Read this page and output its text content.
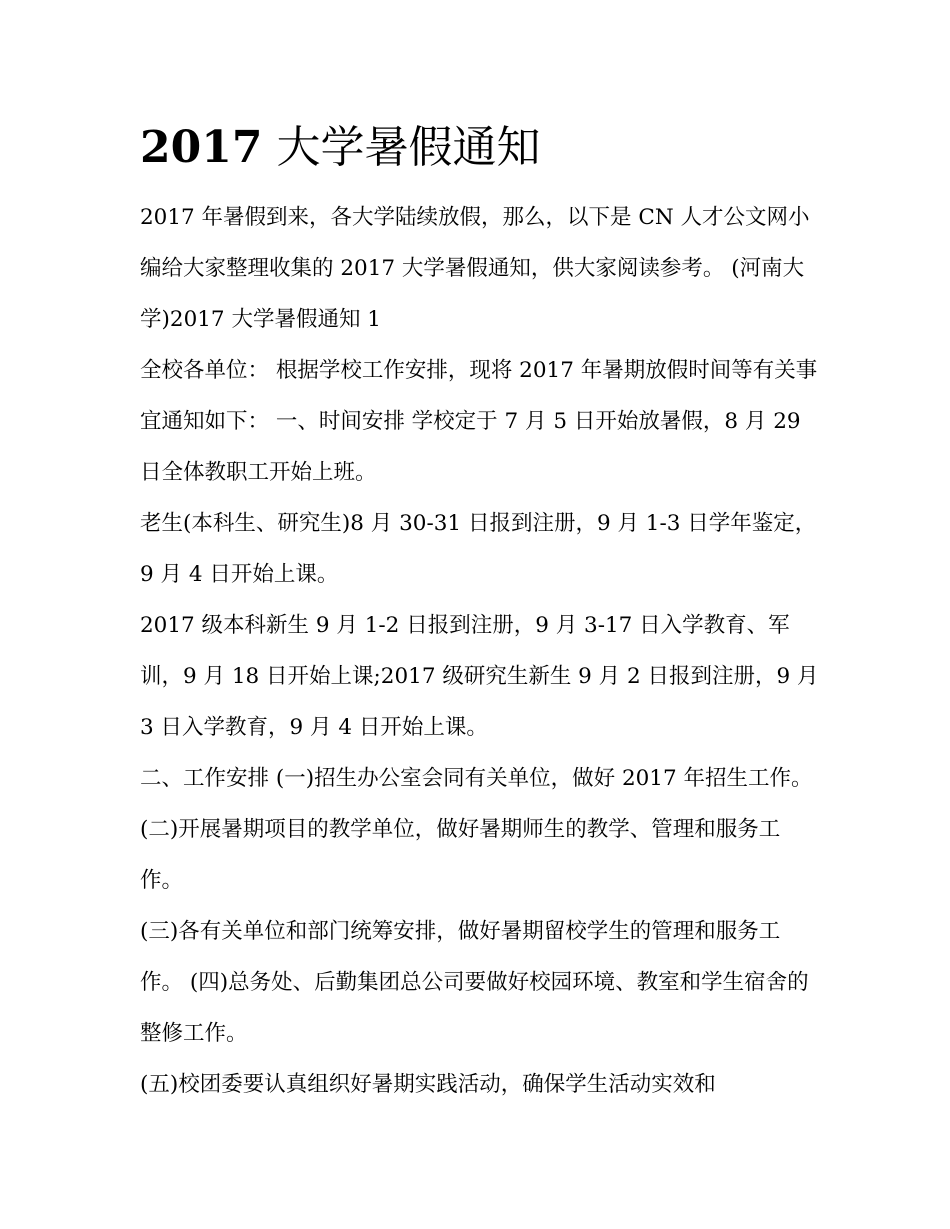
2017 大学暑假通知

2017 年暑假到来，各大学陆续放假，那么，以下是 CN 人才公文网小编给大家整理收集的 2017 大学暑假通知，供大家阅读参考。 (河南大学)2017 大学暑假通知 1

全校各单位： 根据学校工作安排，现将 2017 年暑期放假时间等有关事宜通知如下： 一、时间安排 学校定于 7 月 5 日开始放暑假，8 月 29 日全体教职工开始上班。

老生(本科生、研究生)8 月 30-31 日报到注册，9 月 1-3 日学年鉴定，9 月 4 日开始上课。

2017 级本科新生 9 月 1-2 日报到注册，9 月 3-17 日入学教育、军训，9 月 18 日开始上课;2017 级研究生新生 9 月 2 日报到注册，9 月 3 日入学教育，9 月 4 日开始上课。

二、工作安排 (一)招生办公室会同有关单位，做好 2017 年招生工作。 (二)开展暑期项目的教学单位，做好暑期师生的教学、管理和服务工作。

(三)各有关单位和部门统筹安排，做好暑期留校学生的管理和服务工作。 (四)总务处、后勤集团总公司要做好校园环境、教室和学生宿舍的整修工作。

(五)校团委要认真组织好暑期实践活动，确保学生活动实效和
